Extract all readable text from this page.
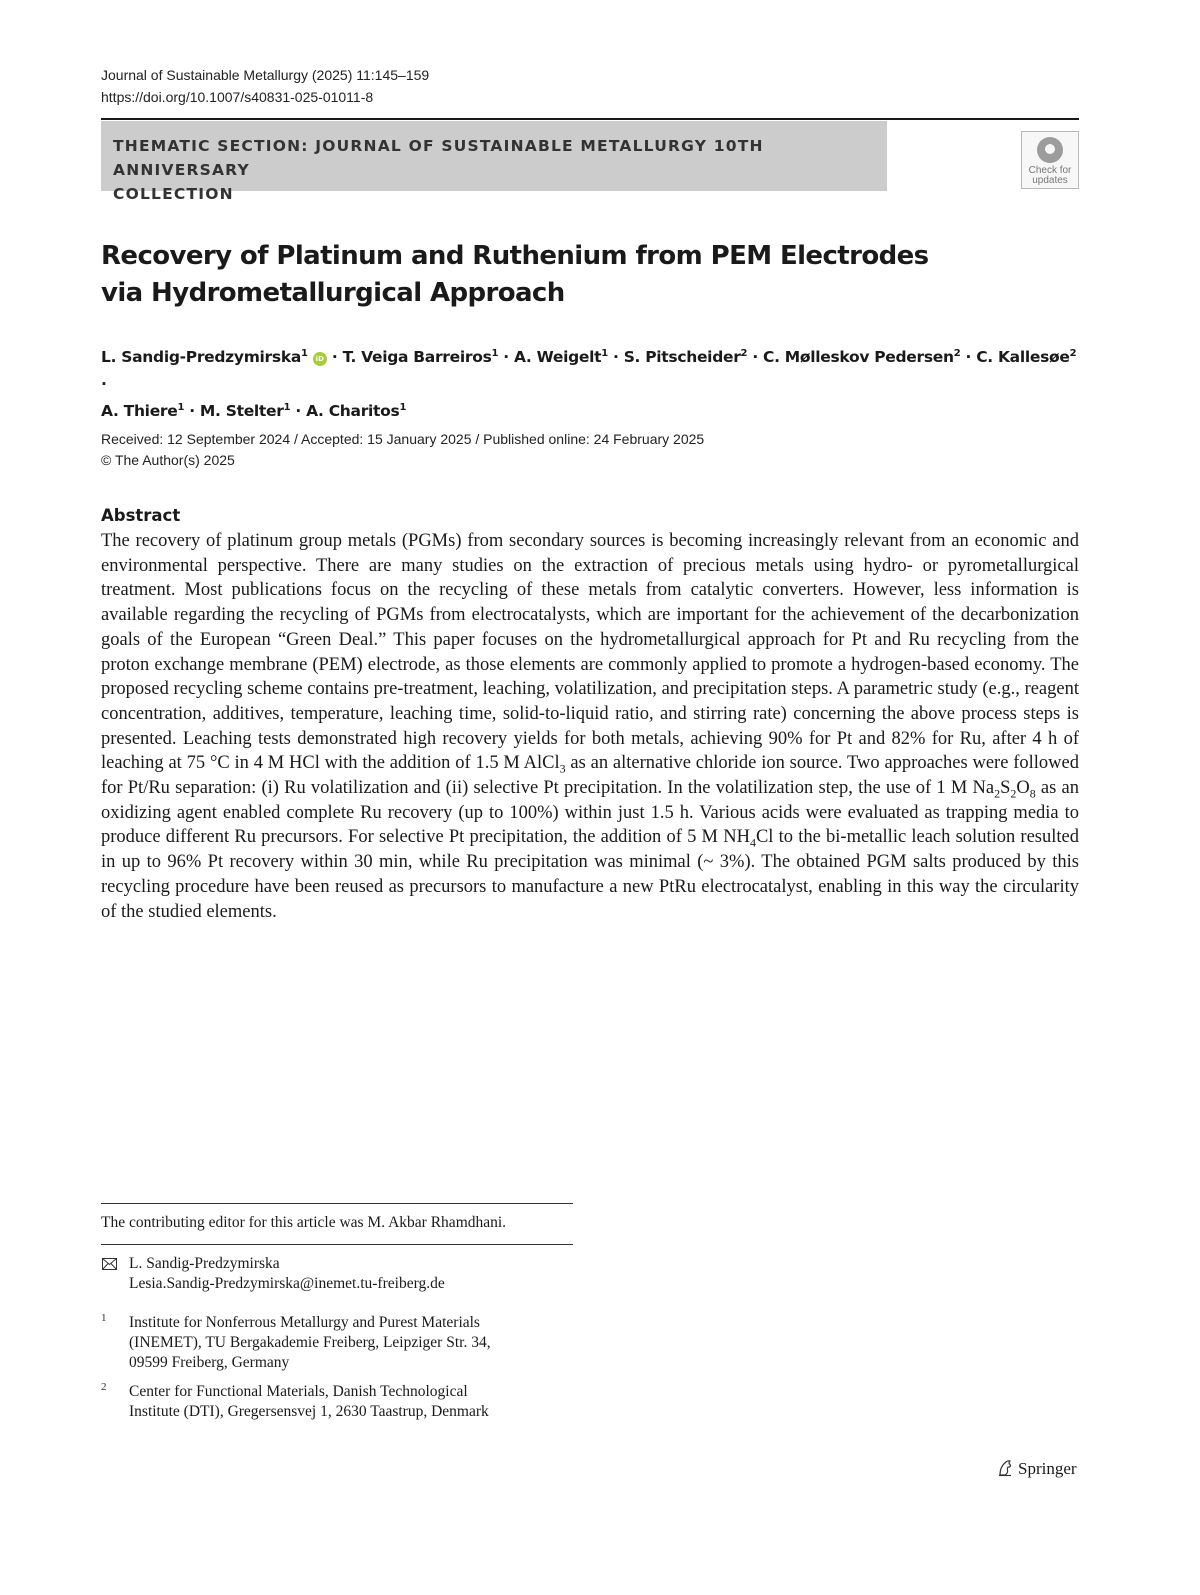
Journal of Sustainable Metallurgy (2025) 11:145–159
https://doi.org/10.1007/s40831-025-01011-8
THEMATIC SECTION: JOURNAL OF SUSTAINABLE METALLURGY 10TH ANNIVERSARY
COLLECTION
Check for
updates
Recovery of Platinum and Ruthenium from PEM Electrodes
via Hydrometallurgical Approach
L. Sandig-Predzymirska$^1$ iD · T. Veiga Barreiros$^1$ · A. Weigelt$^1$ · S. Pitscheider$^2$ · C. Mølleskov Pedersen$^2$ · C. Kallesøe$^2$ ·
A. Thiere$^1$ · M. Stelter$^1$ · A. Charitos$^1$
Received: 12 September 2024 / Accepted: 15 January 2025 / Published online: 24 February 2025
© The Author(s) 2025
Abstract

The recovery of platinum group metals (PGMs) from secondary sources is becoming increasingly relevant from an economic and environmental perspective. There are many studies on the extraction of precious metals using hydro- or pyrometallurgical treatment. Most publications focus on the recycling of these metals from catalytic converters. However, less information is available regarding the recycling of PGMs from electrocatalysts, which are important for the achievement of the decarbonization goals of the European “Green Deal.” This paper focuses on the hydrometallurgical approach for Pt and Ru recycling from the proton exchange membrane (PEM) electrode, as those elements are commonly applied to promote a hydrogen-based economy. The proposed recycling scheme contains pre-treatment, leaching, volatilization, and precipitation steps. A parametric study (e.g., reagent concentration, additives, temperature, leaching time, solid-to-liquid ratio, and stirring rate) concerning the above process steps is presented. Leaching tests demonstrated high recovery yields for both metals, achieving 90% for Pt and 82% for Ru, after 4 h of leaching at 75 °C in 4 M HCl with the addition of 1.5 M AlCl$_3$ as an alternative chloride ion source. Two approaches were followed for Pt/Ru separation: (i) Ru volatilization and (ii) selective Pt precipitation. In the volatilization step, the use of 1 M $Na_2S_2O_8$ as an oxidizing agent enabled complete Ru recovery (up to 100%) within just 1.5 h. Various acids were evaluated as trapping media to produce different Ru precursors. For selective Pt precipitation, the addition of 5 M $NH_4Cl$ to the bi-metallic leach solution resulted in up to 96% Pt recovery within 30 min, while Ru precipitation was minimal (~ 3%). The obtained PGM salts produced by this recycling procedure have been reused as precursors to manufacture a new PtRu electrocatalyst, enabling in this way the circularity of the studied elements.

The contributing editor for this article was M. Akbar Rhamdhani.
L. Sandig-Predzymirska
Lesia.Sandig-Predzymirska@inemet.tu-freiberg.de
1 Institute for Nonferrous Metallurgy and Purest Materials
(INEMET), TU Bergakademie Freiberg, Leipziger Str. 34,
09599 Freiberg, Germany
2 Center for Functional Materials, Danish Technological
Institute (DTI), Gregersensvej 1, 2630 Taastrup, Denmark
Springer
